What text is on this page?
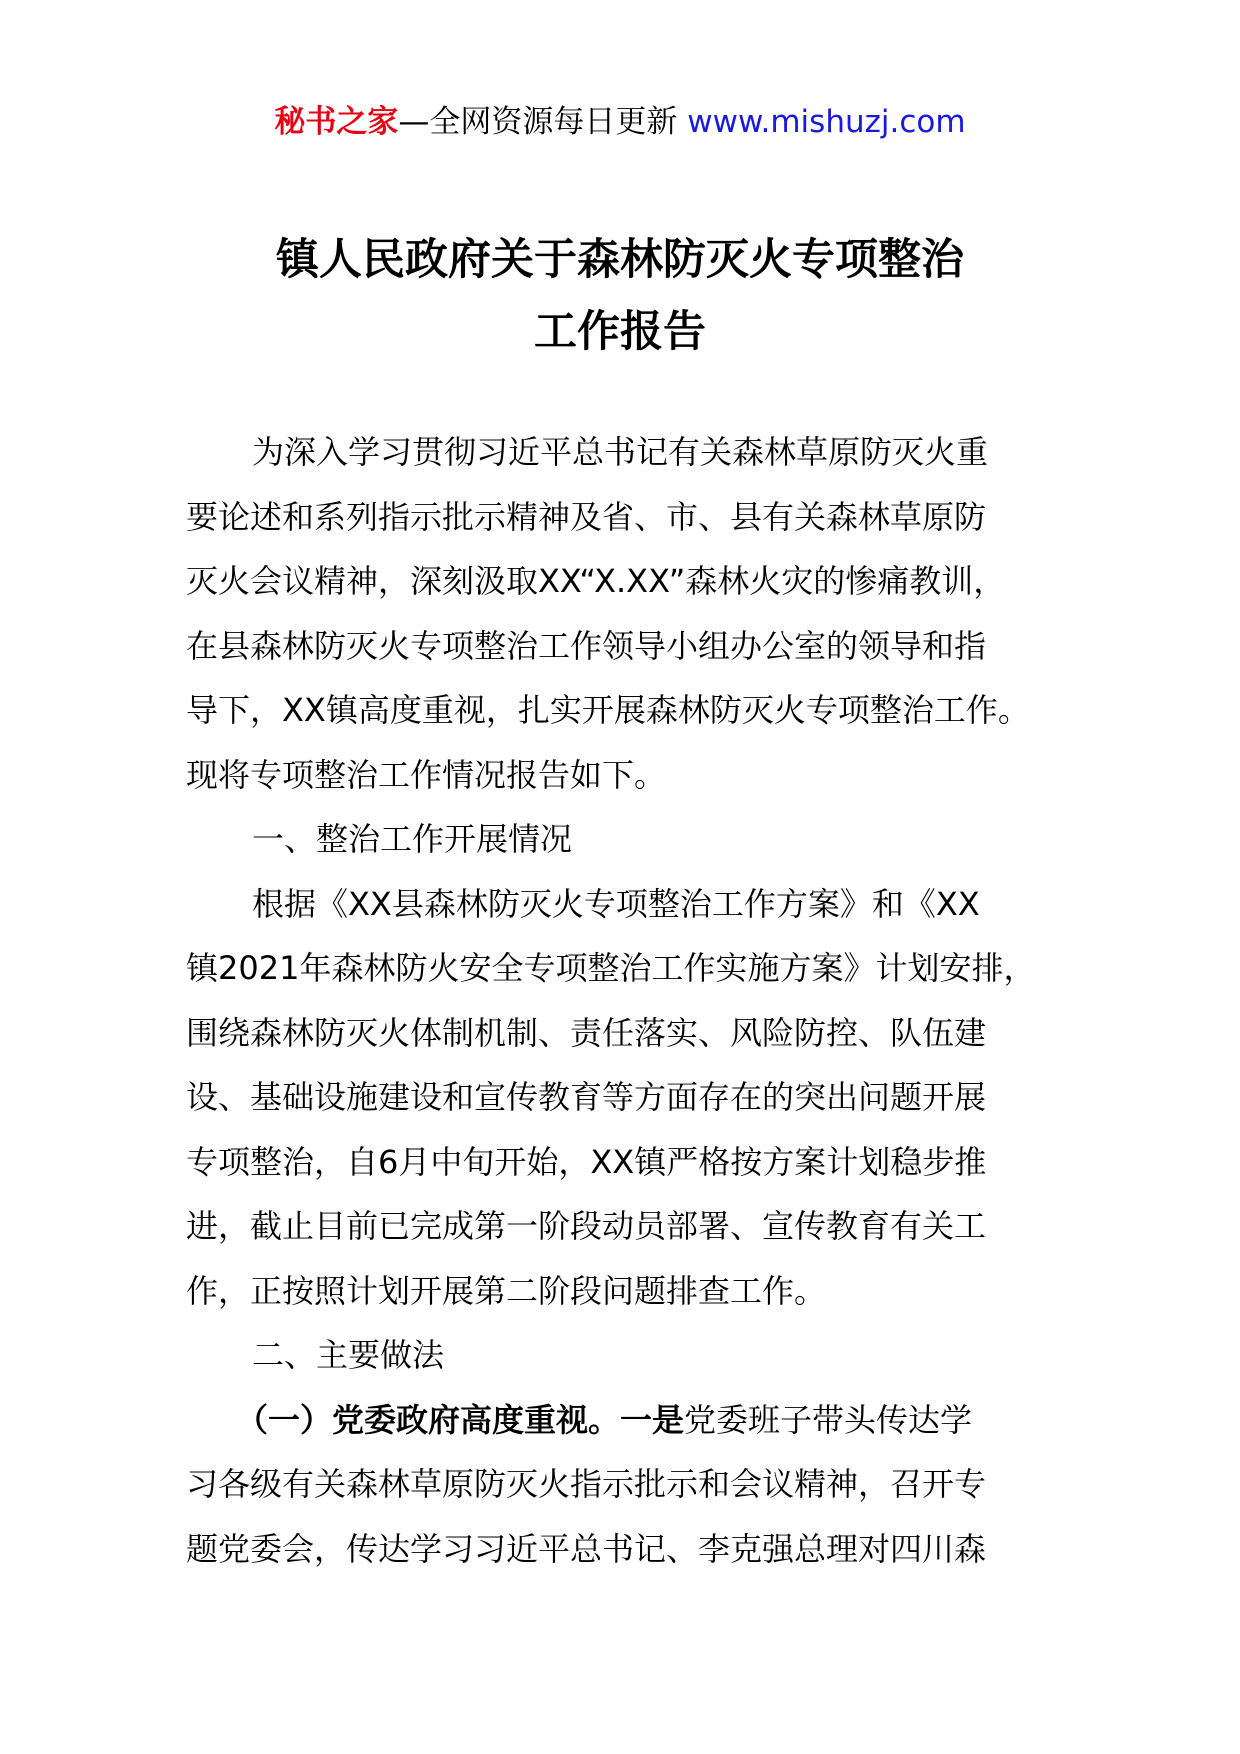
秘书之家—全网资源每日更新 www.mishuzj.com
镇人民政府关于森林防灭火专项整治
工作报告
为深入学习贯彻习近平总书记有关森林草原防灭火重
要论述和系列指示批示精神及省、市、县有关森林草原防
灭火会议精神，深刻汲取XX“X.XX”森林火灾的惨痛教训，
在县森林防灭火专项整治工作领导小组办公室的领导和指
导下，XX镇高度重视，扎实开展森林防灭火专项整治工作。
现将专项整治工作情况报告如下。
一、整治工作开展情况
根据《XX县森林防灭火专项整治工作方案》和《XX
镇2021年森林防火安全专项整治工作实施方案》计划安排，
围绕森林防灭火体制机制、责任落实、风险防控、队伍建
设、基础设施建设和宣传教育等方面存在的突出问题开展
专项整治，自6月中旬开始，XX镇严格按方案计划稳步推
进，截止目前已完成第一阶段动员部署、宣传教育有关工
作，正按照计划开展第二阶段问题排查工作。
二、主要做法
（一）党委政府高度重视。一是党委班子带头传达学
习各级有关森林草原防灭火指示批示和会议精神，召开专
题党委会，传达学习习近平总书记、李克强总理对四川森
